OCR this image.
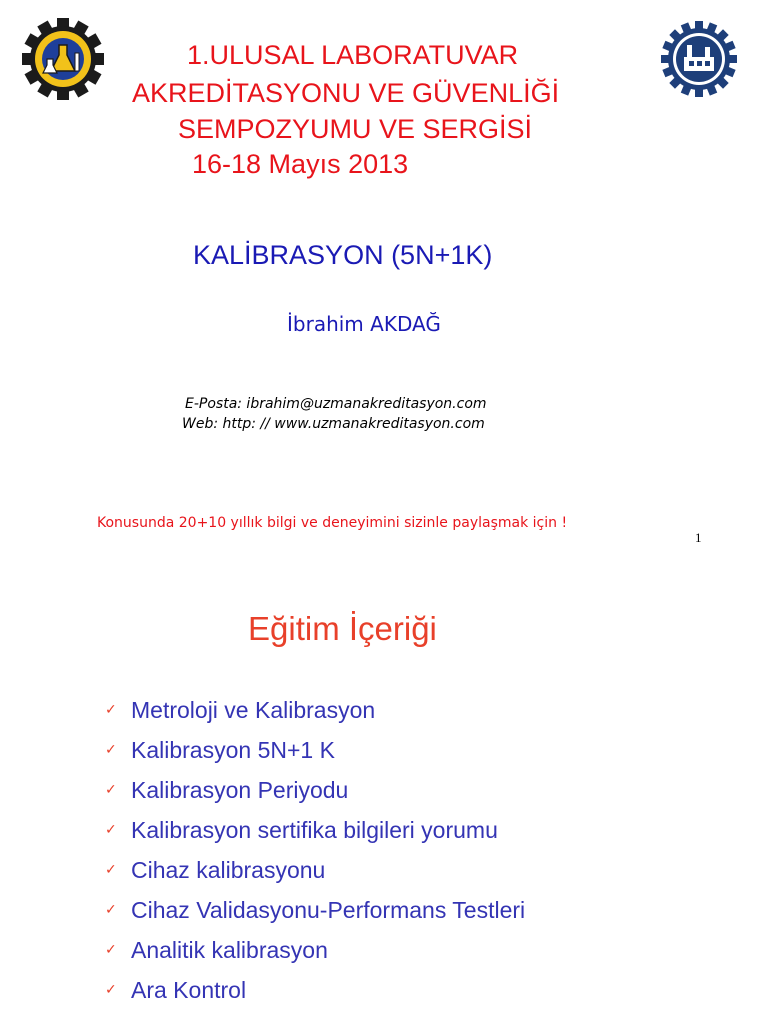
1.ULUSAL LABORATUVAR
AKREDİTASYONU VE GÜVENLİĞİ
SEMPOZYUMU VE SERGİSİ
16-18 Mayıs 2013
KALİBRASYON (5N+1K)
İbrahim AKDAĞ
E-Posta: ibrahim@uzmanakreditasyon.com
Web: http: // www.uzmanakreditasyon.com
Konusunda 20+10 yıllık bilgi ve deneyimini sizinle paylaşmak için !
1
Eğitim İçeriği
✓ Metroloji ve Kalibrasyon
✓ Kalibrasyon 5N+1 K
✓ Kalibrasyon Periyodu
✓ Kalibrasyon sertifika bilgileri yorumu
✓ Cihaz kalibrasyonu
✓ Cihaz Validasyonu-Performans Testleri
✓ Analitik kalibrasyon
✓ Ara Kontrol
